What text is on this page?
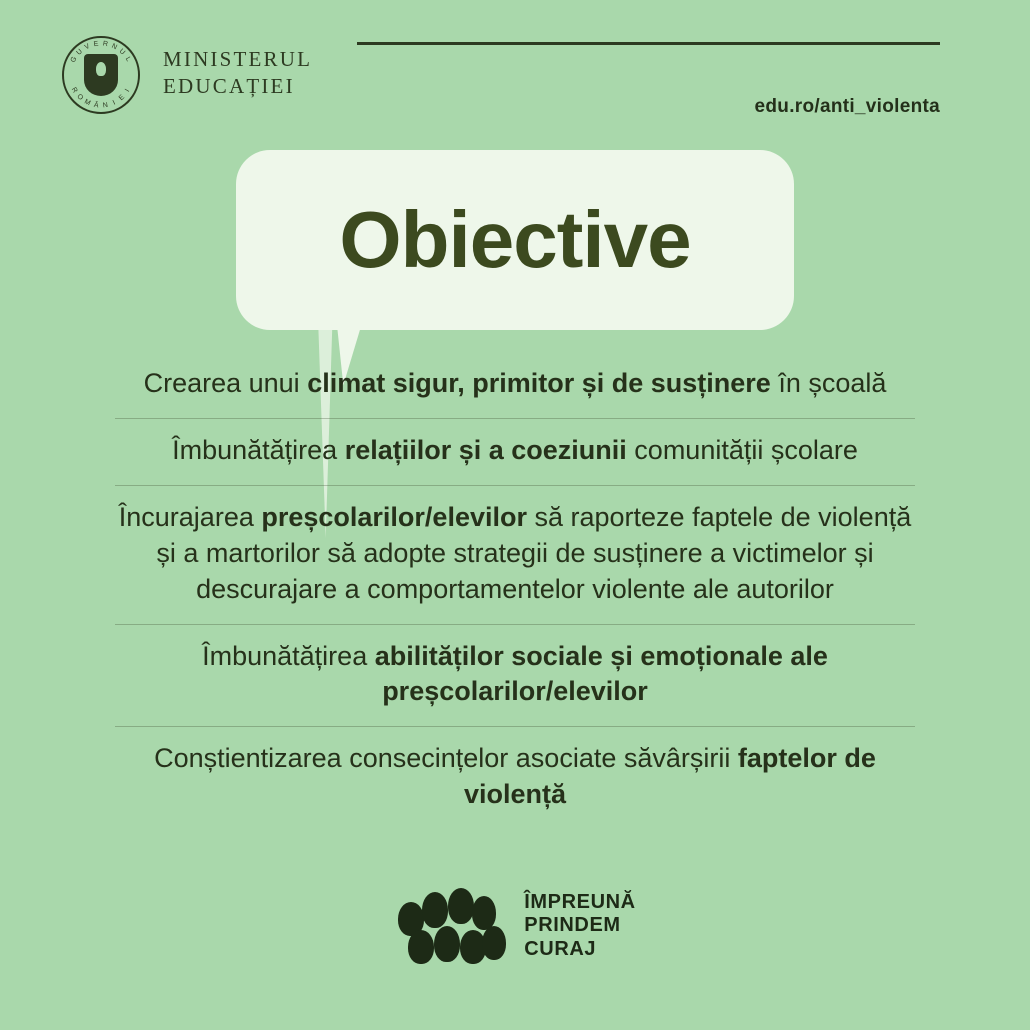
G
U
V E R N
U
L
R
O
M Â N I
E
I
MINISTERUL
EDUCAȚIEI
edu.ro/anti_violenta
Obiective
Crearea unui climat sigur, primitor și de susținere în școală
Îmbunătățirea relațiilor și a coeziunii comunității școlare
Încurajarea preșcolarilor/elevilor să raporteze faptele de violență și a martorilor să adopte strategii de susținere a victimelor și descurajare a comportamentelor violente ale autorilor
Îmbunătățirea abilităților sociale și emoționale ale preșcolarilor/elevilor
Conștientizarea consecințelor asociate săvârșirii faptelor de violență
ÎMPREUNĂ
PRINDEM
CURAJ
